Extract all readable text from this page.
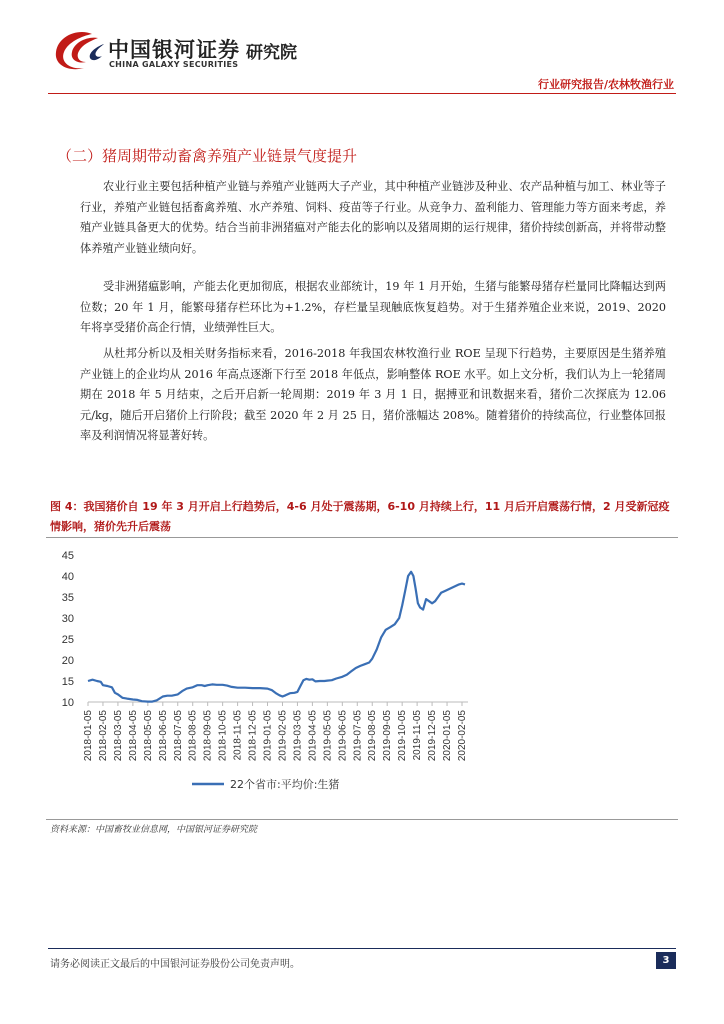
中国银河证券
CHINA GALAXY SECURITIES
研究院
行业研究报告/农林牧渔行业
（二）猪周期带动畜禽养殖产业链景气度提升

农业行业主要包括种植产业链与养殖产业链两大子产业，其中种植产业链涉及种业、农产品种植与加工、林业等子行业，养殖产业链包括畜禽养殖、水产养殖、饲料、疫苗等子行业。从竞争力、盈利能力、管理能力等方面来考虑，养殖产业链具备更大的优势。结合当前非洲猪瘟对产能去化的影响以及猪周期的运行规律，猪价持续创新高，并将带动整体养殖产业链业绩向好。

受非洲猪瘟影响，产能去化更加彻底，根据农业部统计，19 年 1 月开始，生猪与能繁母猪存栏量同比降幅达到两位数；20 年 1 月，能繁母猪存栏环比为+1.2%，存栏量呈现触底恢复趋势。对于生猪养殖企业来说，2019、2020 年将享受猪价高企行情，业绩弹性巨大。

从杜邦分析以及相关财务指标来看，2016-2018 年我国农林牧渔行业 ROE 呈现下行趋势，主要原因是生猪养殖产业链上的企业均从 2016 年高点逐渐下行至 2018 年低点，影响整体 ROE 水平。如上文分析，我们认为上一轮猪周期在 2018 年 5 月结束，之后开启新一轮周期：2019 年 3 月 1 日，据搏亚和讯数据来看，猪价二次探底为 12.06 元/kg，随后开启猪价上行阶段；截至 2020 年 2 月 25 日，猪价涨幅达 208%。随着猪价的持续高位，行业整体回报率及利润情况将显著好转。

图 4：我国猪价自 19 年 3 月开启上行趋势后，4-6 月处于震荡期，6-10 月持续上行，11 月后开启震荡行情，2 月受新冠疫情影响，猪价先升后震荡
10
15
20
25
30
35
40
45
2018-01-05 2018-02-05 2018-03-05 2018-04-05 2018-05-05 2018-06-05 2018-07-05 2018-08-05 2018-09-05 2018-10-05 2018-11-05 2018-12-05 2019-01-05 2019-02-05 2019-03-05 2019-04-05 2019-05-05 2019-06-05 2019-07-05 2019-08-05 2019-09-05 2019-10-05 2019-11-05 2019-12-05 2020-01-05 2020-02-05
22个省市:平均价:生猪
资料来源：中国畜牧业信息网，中国银河证券研究院
请务必阅读正文最后的中国银河证券股份公司免责声明。	3
